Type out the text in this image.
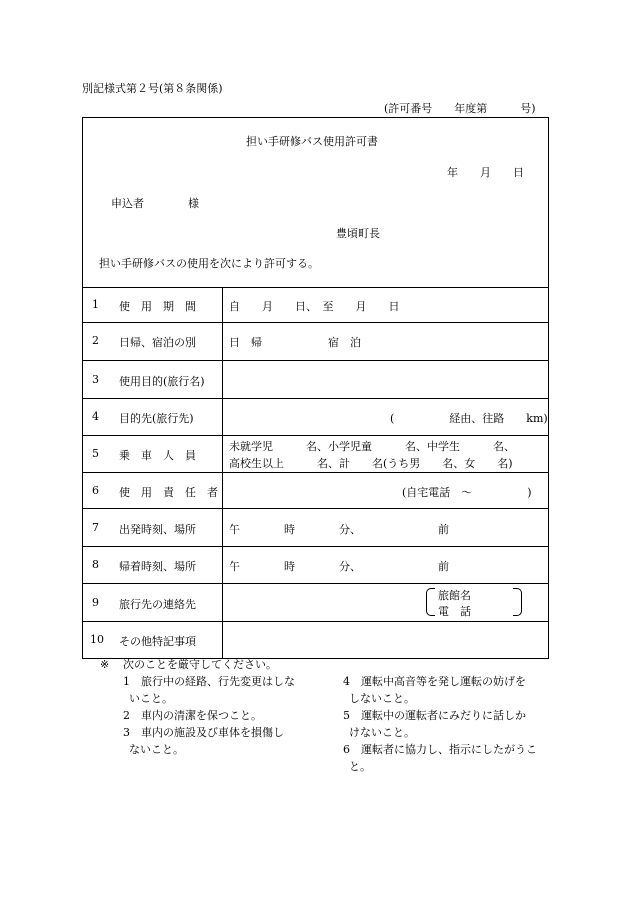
別記様式第２号(第８条関係)
(許可番号　　年度第　　　号)
担い手研修バス使用許可書
年　　月　　日
申込者　　　　様
豊頃町長
担い手研修バスの使用を次により許可する。
1 使　用　期　間	自　　月　　日、　至　　月　　日
2 日帰、宿泊の別	日　帰　　　　　　宿　泊
3 使用目的(旅行名)
4 目的先(旅行先)	(　　　　　経由、往路　　km)
5 乗　車　人　員
未就学児　　　名、小学児童　　　名、中学生　　　名、
高校生以上　　　名、計　　名(うち男　　名、女　　名)
6 使　用　責　任　者	(自宅電話　～　　　　　)
7 出発時刻、場所	午　　　　時　　　　分、	前
8 帰着時刻、場所	午　　　　時　　　　分、	前
9 旅行先の連絡先
旅館名
電　話
10 その他特記事項
※ 次のことを厳守してください。
1　旅行中の経路、行先変更はしな
いこと。
2　車内の清潔を保つこと。
3　車内の施設及び車体を損傷し
ないこと。
4　運転中高音等を発し運転の妨げを
しないこと。
5　運転中の運転者にみだりに話しか
けないこと。
6　運転者に協力し、指示にしたがうこ
と。
